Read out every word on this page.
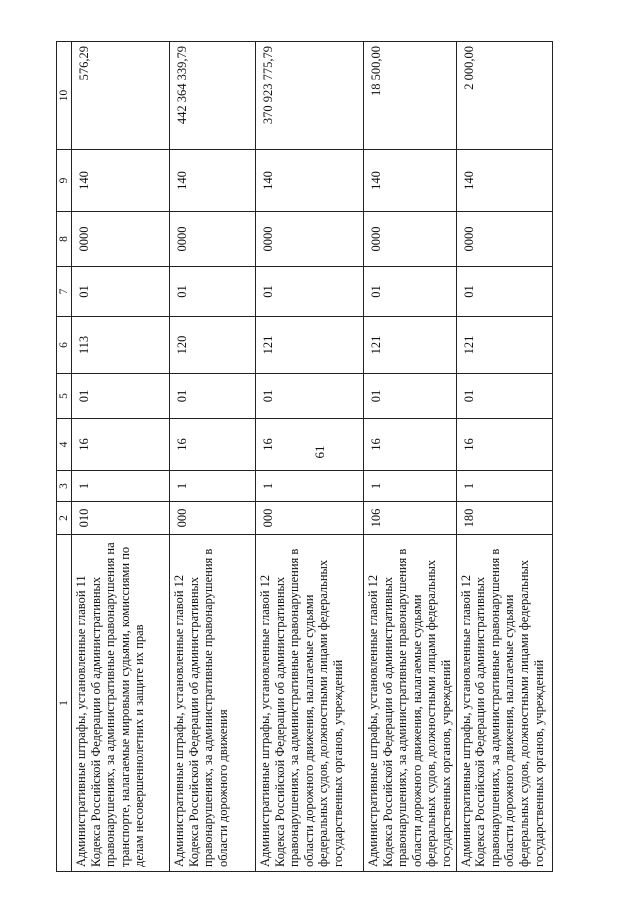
61
1	2	3	4	5	6	7	8	9	10
Административные штрафы, установленные главой 11 Кодекса Российской Федерации об административных правонарушениях, за административные правонарушения на транспорте, налагаемые мировыми судьями, комиссиями по делам несовершеннолетних и защите их прав	010	1	16	01	113	01	0000	140	576,29
Административные штрафы, установленные главой 12 Кодекса Российской Федерации об административных правонарушениях, за административные правонарушения в области дорожного движения	000	1	16	01	120	01	0000	140	442 364 339,79
Административные штрафы, установленные главой 12 Кодекса Российской Федерации об административных правонарушениях, за административные правонарушения в области дорожного движения, налагаемые судьями федеральных судов, должностными лицами федеральных государственных органов, учреждений	000	1	16	01	121	01	0000	140	370 923 775,79
Административные штрафы, установленные главой 12 Кодекса Российской Федерации об административных правонарушениях, за административные правонарушения в области дорожного движения, налагаемые судьями федеральных судов, должностными лицами федеральных государственных органов, учреждений	106	1	16	01	121	01	0000	140	18 500,00
Административные штрафы, установленные главой 12 Кодекса Российской Федерации об административных правонарушениях, за административные правонарушения в области дорожного движения, налагаемые судьями федеральных судов, должностными лицами федеральных государственных органов, учреждений	180	1	16	01	121	01	0000	140	2 000,00
